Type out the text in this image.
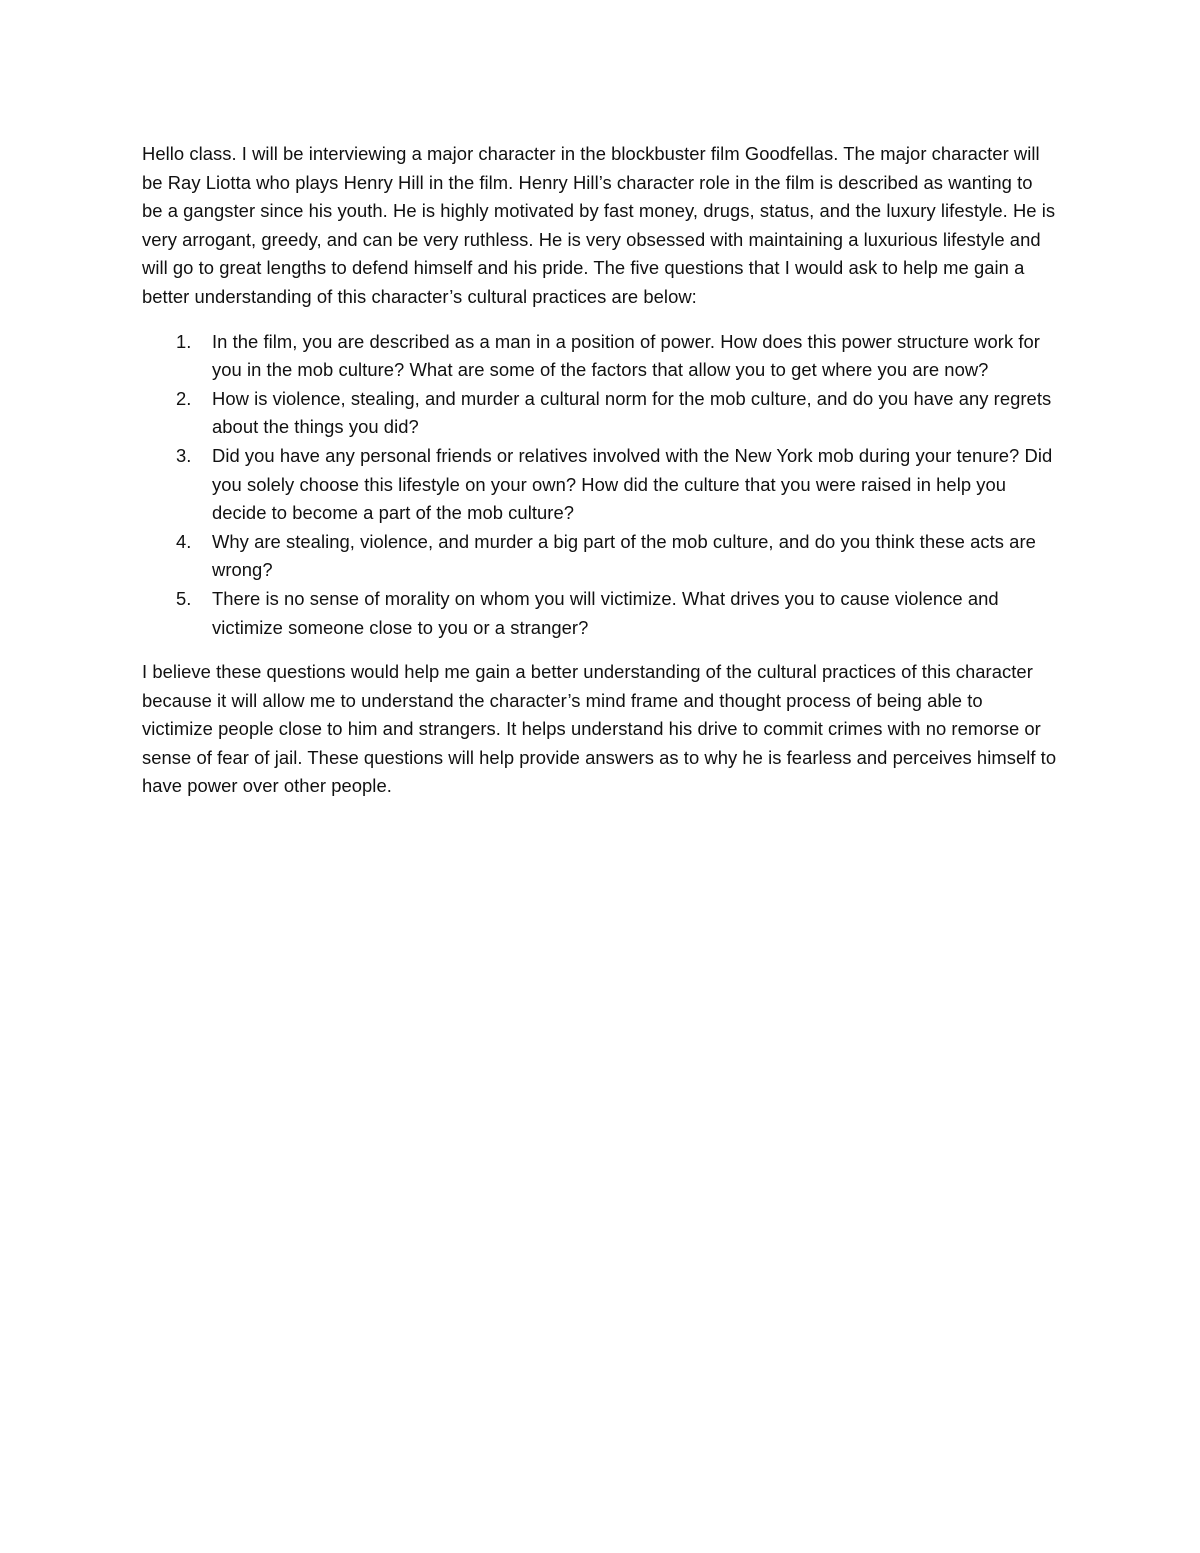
Hello class. I will be interviewing a major character in the blockbuster film Goodfellas. The major character will be Ray Liotta who plays Henry Hill in the film. Henry Hill’s character role in the film is described as wanting to be a gangster since his youth. He is highly motivated by fast money, drugs, status, and the luxury lifestyle. He is very arrogant, greedy, and can be very ruthless. He is very obsessed with maintaining a luxurious lifestyle and will go to great lengths to defend himself and his pride. The five questions that I would ask to help me gain a better understanding of this character’s cultural practices are below:

1. In the film, you are described as a man in a position of power. How does this power structure work for you in the mob culture? What are some of the factors that allow you to get where you are now?
2. How is violence, stealing, and murder a cultural norm for the mob culture, and do you have any regrets about the things you did?
3. Did you have any personal friends or relatives involved with the New York mob during your tenure? Did you solely choose this lifestyle on your own? How did the culture that you were raised in help you decide to become a part of the mob culture?
4. Why are stealing, violence, and murder a big part of the mob culture, and do you think these acts are wrong?
5. There is no sense of morality on whom you will victimize. What drives you to cause violence and victimize someone close to you or a stranger?

I believe these questions would help me gain a better understanding of the cultural practices of this character because it will allow me to understand the character’s mind frame and thought process of being able to victimize people close to him and strangers. It helps understand his drive to commit crimes with no remorse or sense of fear of jail. These questions will help provide answers as to why he is fearless and perceives himself to have power over other people.
